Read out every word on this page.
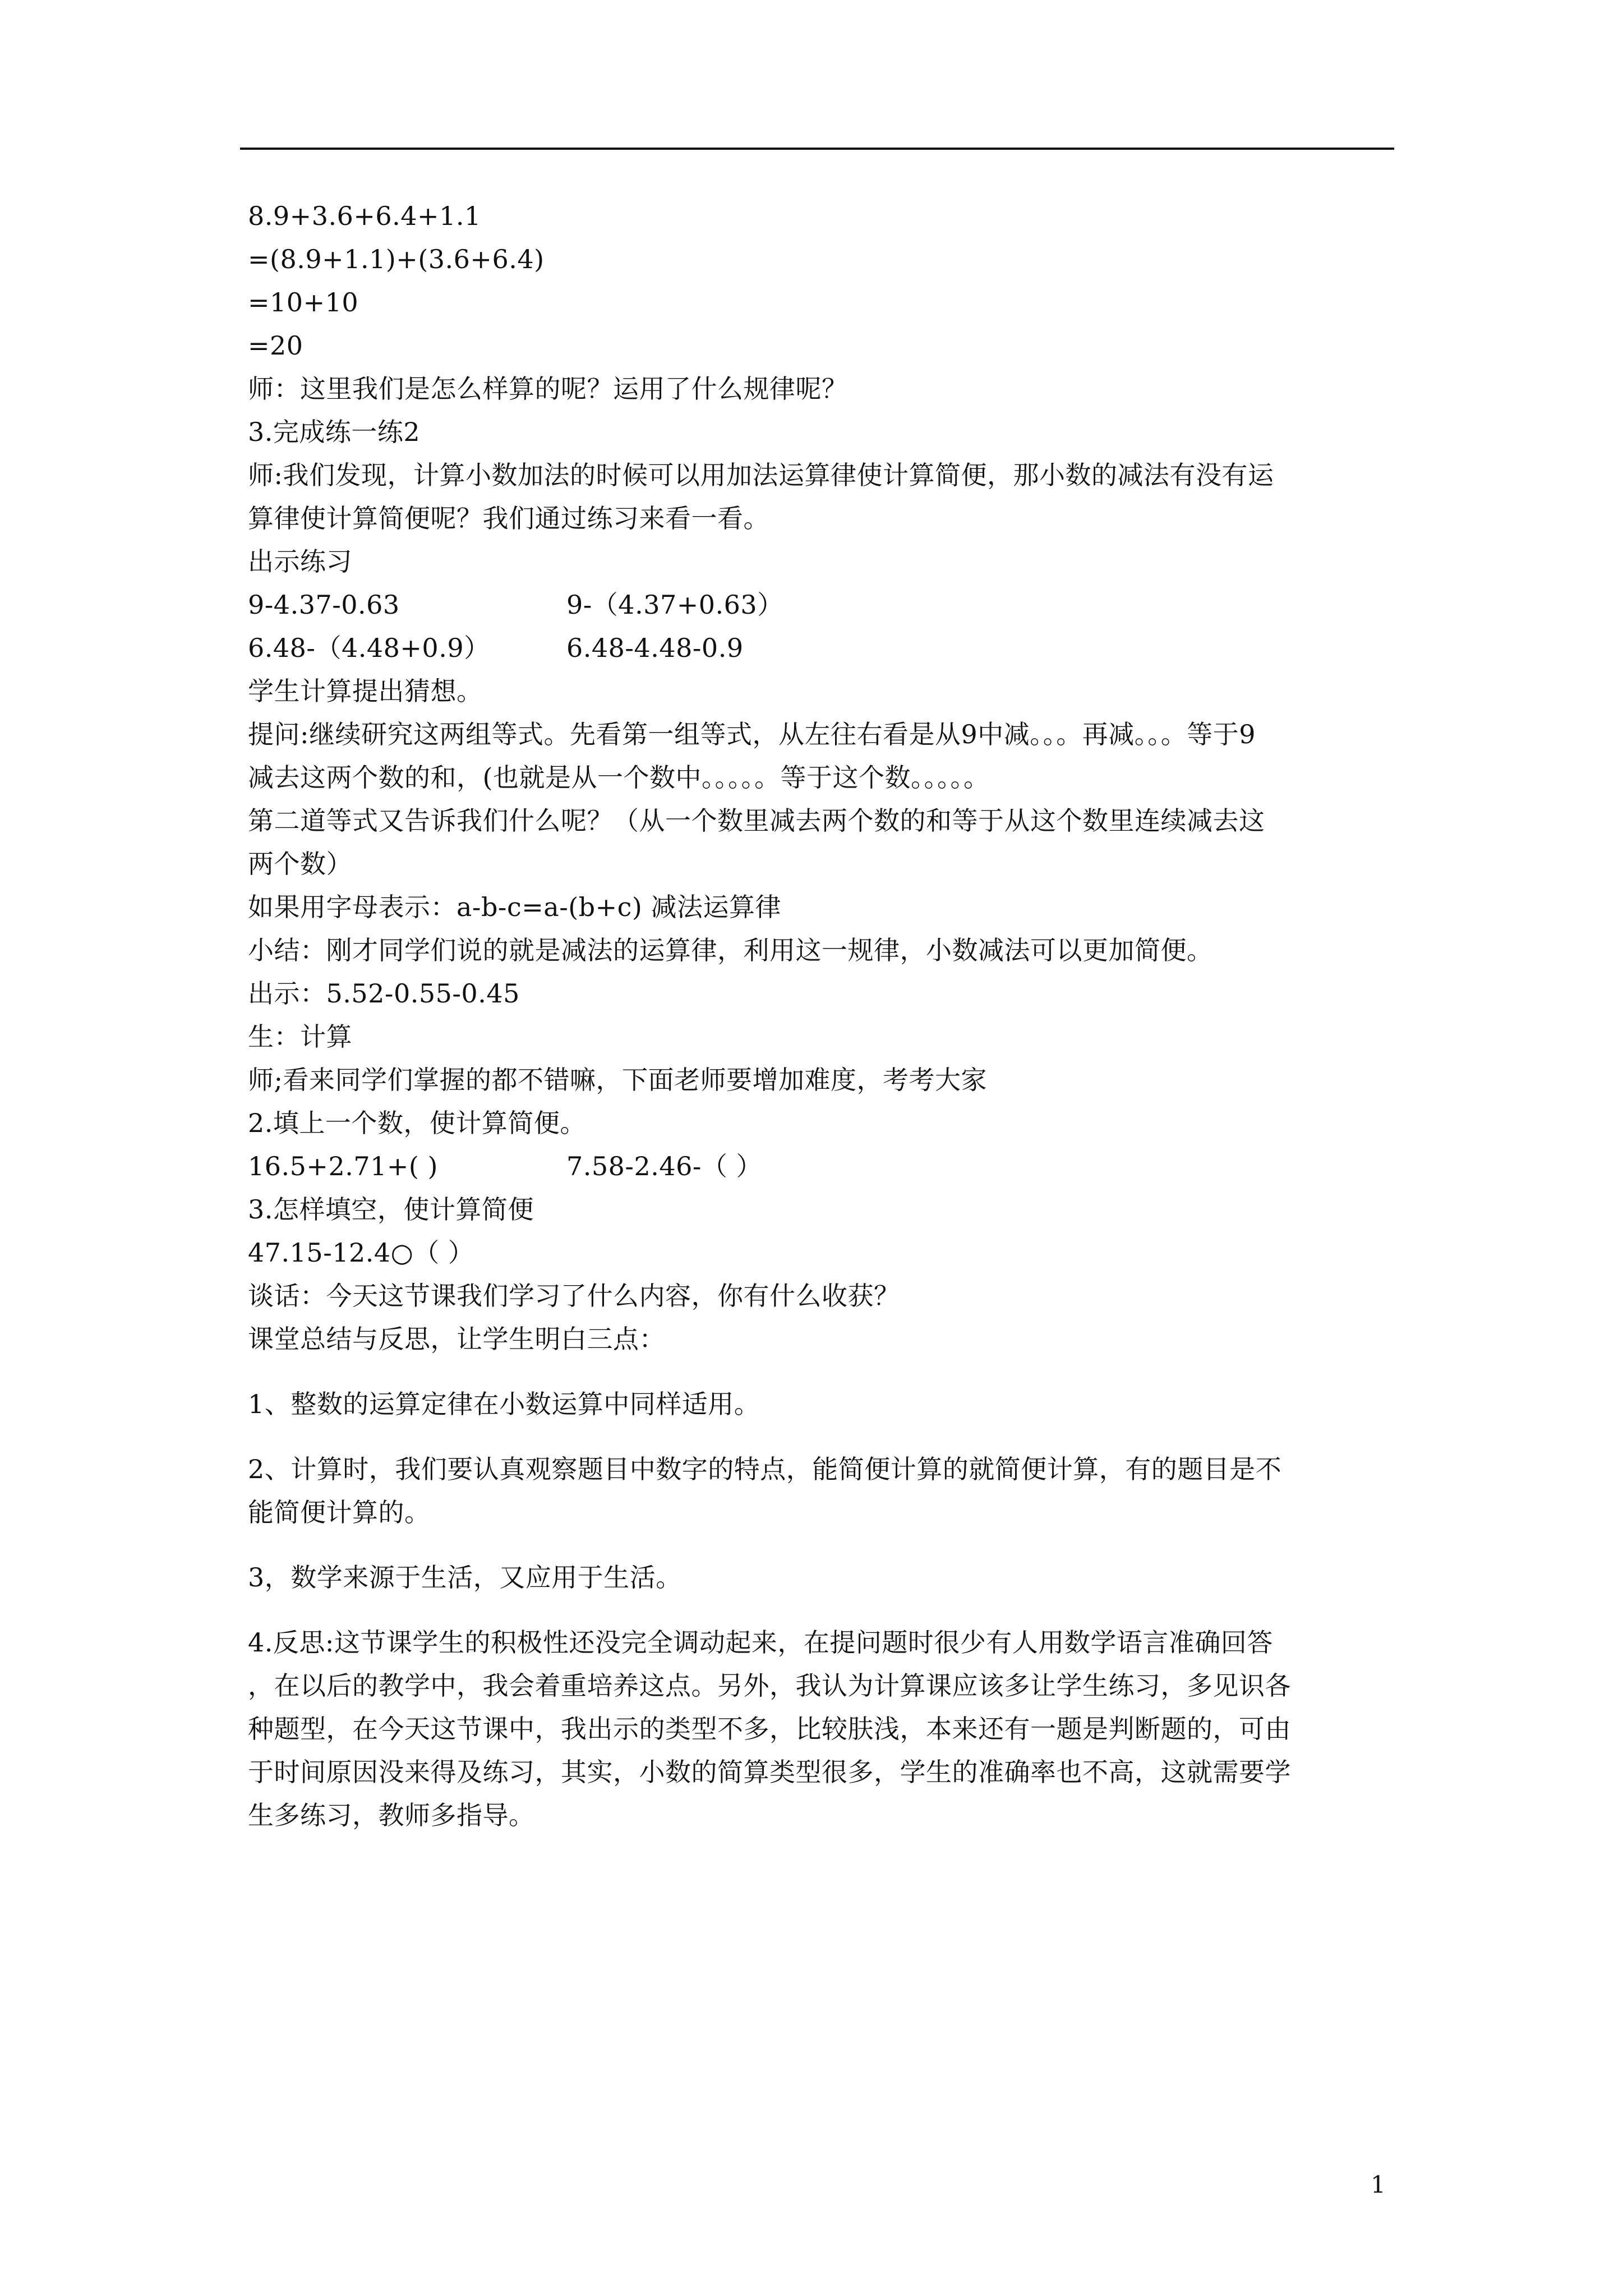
8.9+3.6+6.4+1.1
=(8.9+1.1)+(3.6+6.4)
=10+10
=20
师：这里我们是怎么样算的呢？运用了什么规律呢？
3.完成练一练2
师:我们发现，计算小数加法的时候可以用加法运算律使计算简便，那小数的减法有没有运
算律使计算简便呢？我们通过练习来看一看。
出示练习
9-4.37-0.63	9-（4.37+0.63）
6.48-（4.48+0.9）	6.48-4.48-0.9
学生计算提出猜想。
提问:继续研究这两组等式。先看第一组等式，从左往右看是从9中减。。。再减。。。等于9
减去这两个数的和，(也就是从一个数中。。。。。等于这个数。。。。。
第二道等式又告诉我们什么呢？（从一个数里减去两个数的和等于从这个数里连续减去这
两个数）
如果用字母表示：a-b-c=a-(b+c) 减法运算律
小结：刚才同学们说的就是减法的运算律，利用这一规律，小数减法可以更加简便。
出示：5.52-0.55-0.45
生：计算
师;看来同学们掌握的都不错嘛，下面老师要增加难度，考考大家
2.填上一个数，使计算简便。
16.5+2.71+( )	7.58-2.46-（ ）
3.怎样填空，使计算简便
47.15-12.4○（ ）
谈话：今天这节课我们学习了什么内容，你有什么收获？
课堂总结与反思，让学生明白三点：
1、整数的运算定律在小数运算中同样适用。
2、计算时，我们要认真观察题目中数字的特点，能简便计算的就简便计算，有的题目是不
能简便计算的。
3，数学来源于生活，又应用于生活。
4.反思:这节课学生的积极性还没完全调动起来，在提问题时很少有人用数学语言准确回答
，在以后的教学中，我会着重培养这点。另外，我认为计算课应该多让学生练习，多见识各
种题型，在今天这节课中，我出示的类型不多，比较肤浅，本来还有一题是判断题的，可由
于时间原因没来得及练习，其实，小数的简算类型很多，学生的准确率也不高，这就需要学
生多练习，教师多指导。
1
